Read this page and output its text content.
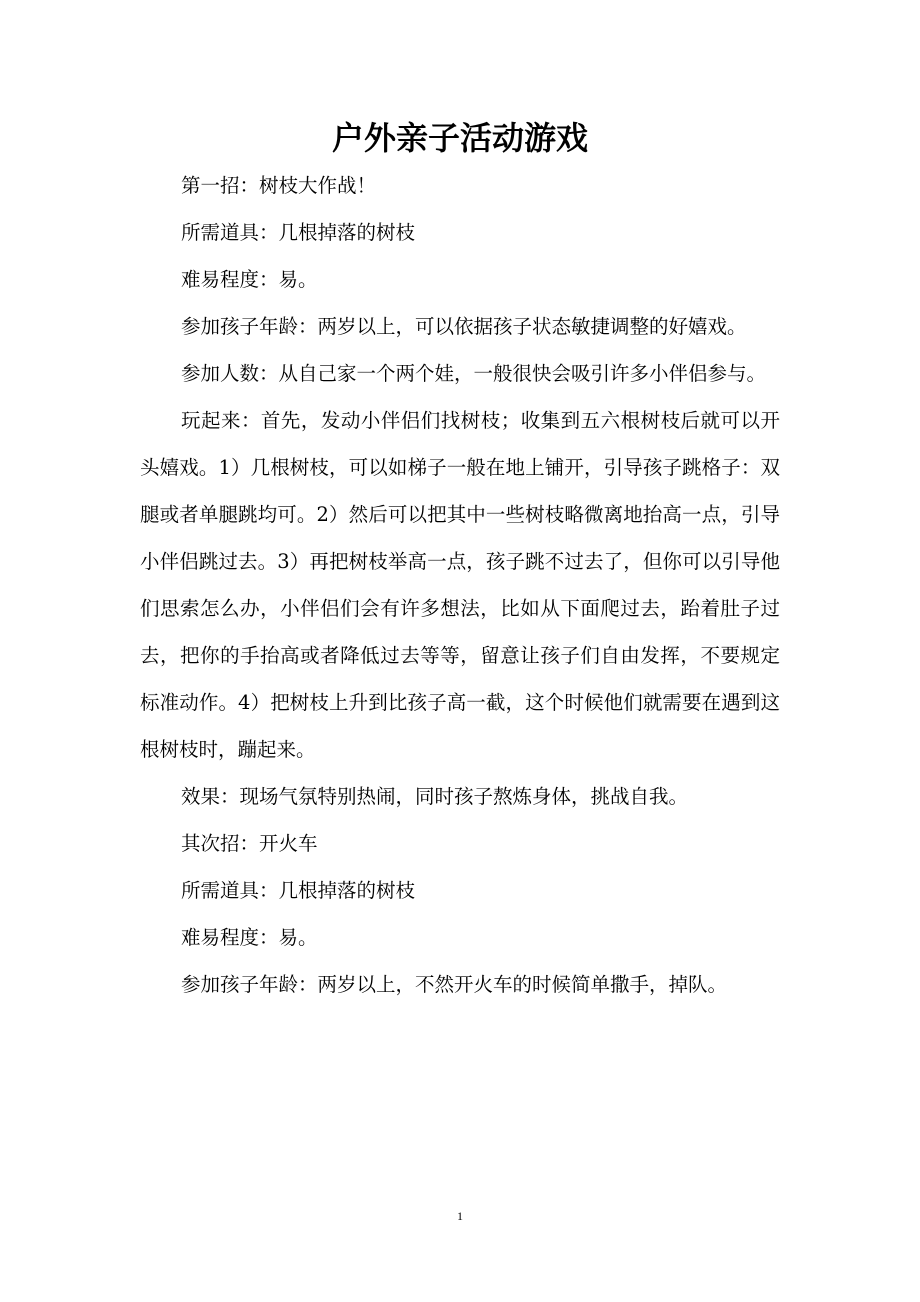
户外亲子活动游戏

第一招：树枝大作战！

所需道具：几根掉落的树枝

难易程度：易。

参加孩子年龄：两岁以上，可以依据孩子状态敏捷调整的好嬉戏。

参加人数：从自己家一个两个娃，一般很快会吸引许多小伴侣参与。

玩起来：首先，发动小伴侣们找树枝；收集到五六根树枝后就可以开头嬉戏。1）几根树枝，可以如梯子一般在地上铺开，引导孩子跳格子：双腿或者单腿跳均可。2）然后可以把其中一些树枝略微离地抬高一点，引导小伴侣跳过去。3）再把树枝举高一点，孩子跳不过去了，但你可以引导他们思索怎么办，小伴侣们会有许多想法，比如从下面爬过去，跆着肚子过去，把你的手抬高或者降低过去等等，留意让孩子们自由发挥，不要规定标准动作。4）把树枝上升到比孩子高一截，这个时候他们就需要在遇到这根树枝时，蹦起来。

效果：现场气氛特别热闹，同时孩子熬炼身体，挑战自我。

其次招：开火车

所需道具：几根掉落的树枝

难易程度：易。

参加孩子年龄：两岁以上，不然开火车的时候简单撒手，掉队。

1
